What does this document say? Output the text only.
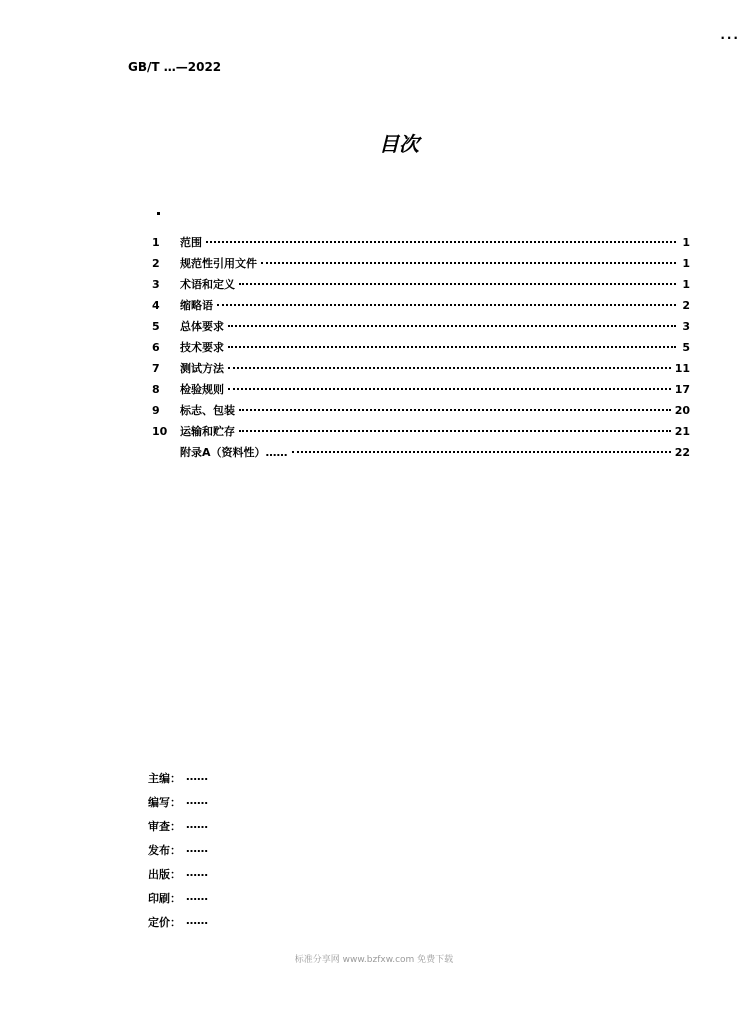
...
GB/T …—2022
目次
1	范围	1
2	规范性引用文件	1
3	术语和定义	1
4	缩略语	2
5	总体要求	3
6	技术要求	5
7	测试方法	11
8	检验规则	17
9	标志、包装	20
10	运输和贮存	21
附录A（资料性）……	22
主编： ……
编写： ……
审查： ……
发布： ……
出版： ……
印刷： ……
定价： ……
标准分享网 www.bzfxw.com 免费下载
